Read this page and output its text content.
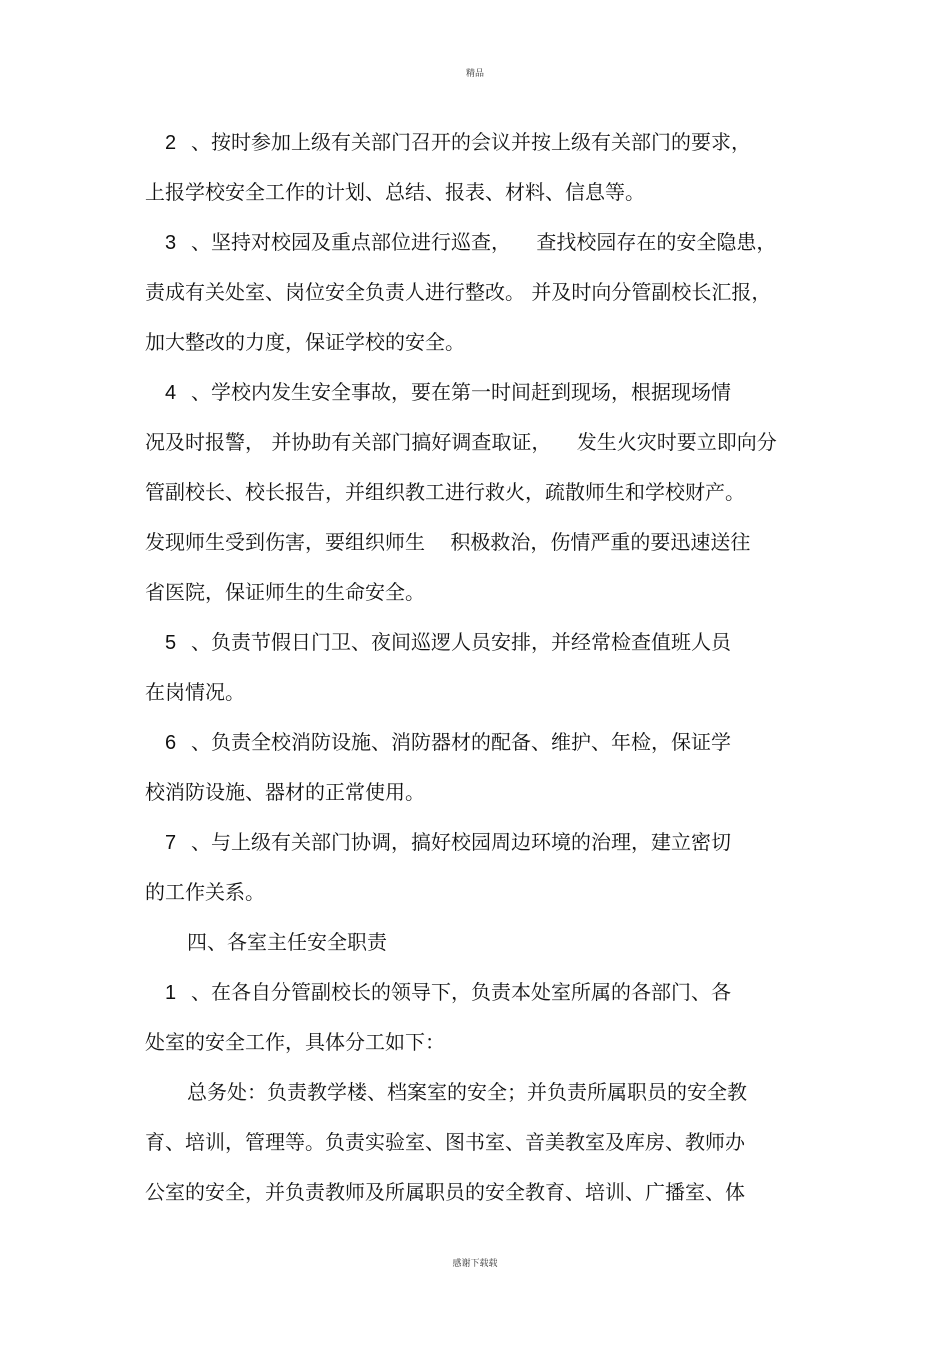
精品
2 、按时参加上级有关部门召开的会议并按上级有关部门的要求，
上报学校安全工作的计划、总结、报表、材料、信息等。
3 、坚持对校园及重点部位进行巡查，    查找校园存在的安全隐患，
责成有关处室、岗位安全负责人进行整改。 并及时向分管副校长汇报，
加大整改的力度，保证学校的安全。
4 、学校内发生安全事故，要在第一时间赶到现场，根据现场情
况及时报警， 并协助有关部门搞好调查取证，    发生火灾时要立即向分
管副校长、校长报告，并组织教工进行救火，疏散师生和学校财产。
发现师生受到伤害，要组织师生    积极救治，伤情严重的要迅速送往
省医院，保证师生的生命安全。
5 、负责节假日门卫、夜间巡逻人员安排，并经常检查值班人员
在岗情况。
6 、负责全校消防设施、消防器材的配备、维护、年检，保证学
校消防设施、器材的正常使用。
7 、与上级有关部门协调，搞好校园周边环境的治理，建立密切
的工作关系。
四、各室主任安全职责
1 、在各自分管副校长的领导下，负责本处室所属的各部门、各
处室的安全工作，具体分工如下：
总务处：负责教学楼、档案室的安全；并负责所属职员的安全教
育、培训，管理等。负责实验室、图书室、音美教室及库房、教师办
公室的安全，并负责教师及所属职员的安全教育、培训、广播室、体
感谢下载载
